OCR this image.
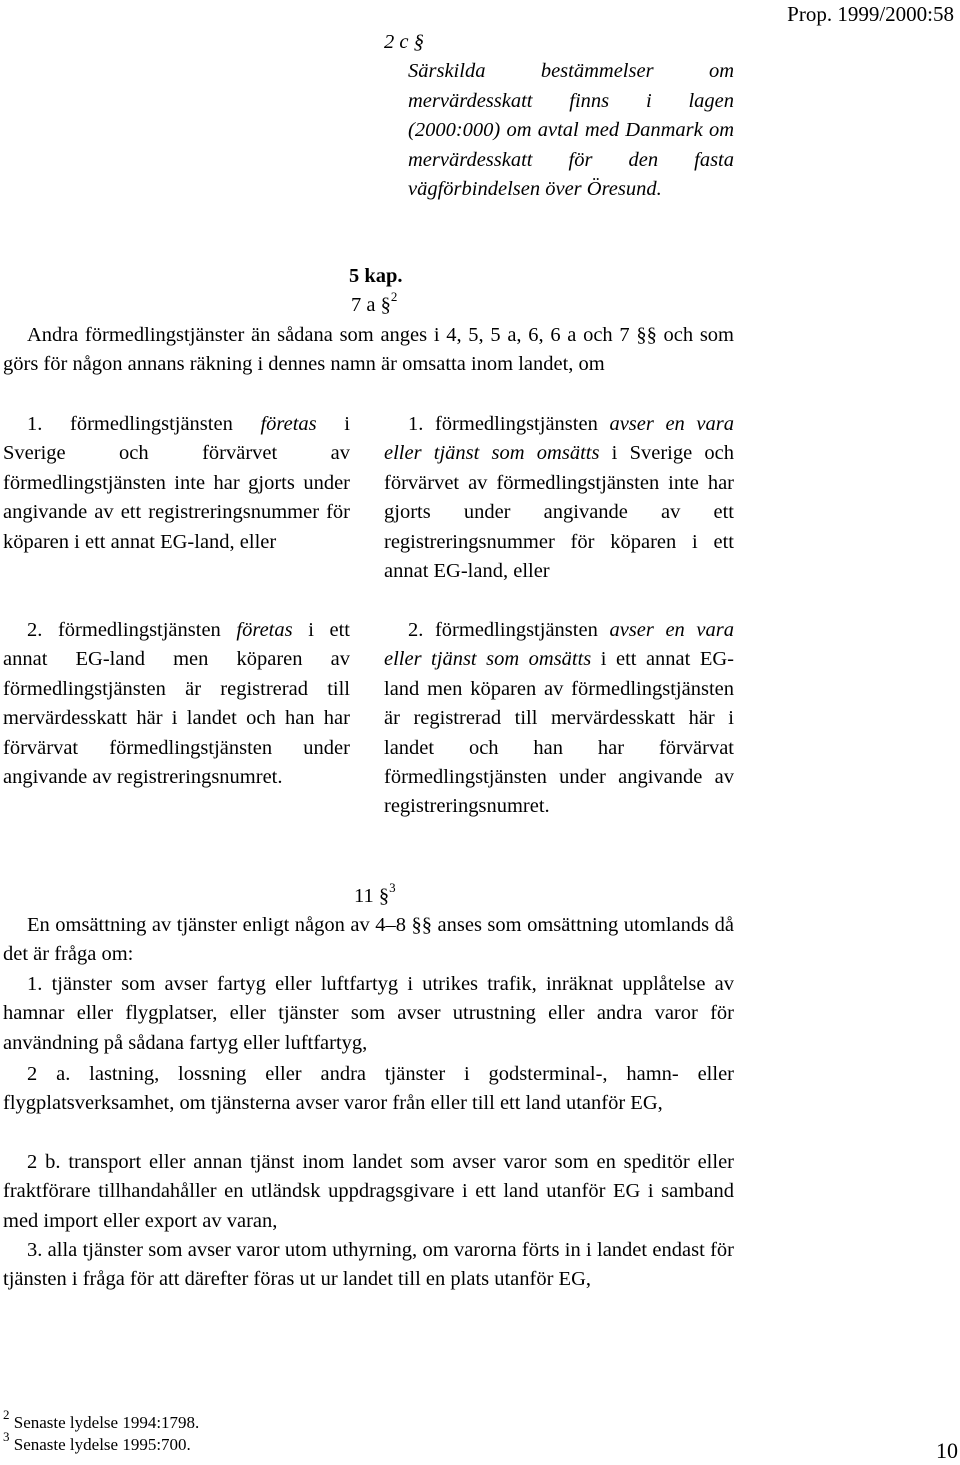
Prop. 1999/2000:58
2 c §
Särskilda bestämmelser om mervärdesskatt finns i lagen (2000:000) om avtal med Danmark om mervärdesskatt för den fasta vägförbindelsen över Öresund.
5 kap.
7 a §$^2$
Andra förmedlingstjänster än sådana som anges i 4, 5, 5 a, 6, 6 a och 7 §§ och som görs för någon annans räkning i dennes namn är omsatta inom landet, om
1. förmedlingstjänsten företas i Sverige och förvärvet av förmedlingstjänsten inte har gjorts under angivande av ett registreringsnummer för köparen i ett annat EG-land, eller
2. förmedlingstjänsten företas i ett annat EG-land men köparen av förmedlingstjänsten är registrerad till mervärdesskatt här i landet och han har förvärvat förmedlingstjänsten under angivande av registreringsnumret.
1. förmedlingstjänsten avser en vara eller tjänst som omsätts i Sverige och förvärvet av förmedlingstjänsten inte har gjorts under angivande av ett registreringsnummer för köparen i ett annat EG-land, eller
2. förmedlingstjänsten avser en vara eller tjänst som omsätts i ett annat EG-land men köparen av förmedlingstjänsten är registrerad till mervärdesskatt här i landet och han har förvärvat förmedlingstjänsten under angivande av registreringsnumret.
11 §$^3$
En omsättning av tjänster enligt någon av 4–8 §§ anses som omsättning utomlands då det är fråga om:
1. tjänster som avser fartyg eller luftfartyg i utrikes trafik, inräknat upplåtelse av hamnar eller flygplatser, eller tjänster som avser utrustning eller andra varor för användning på sådana fartyg eller luftfartyg,
2 a. lastning, lossning eller andra tjänster i godsterminal-, hamn- eller flygplatsverksamhet, om tjänsterna avser varor från eller till ett land utanför EG,
2 b. transport eller annan tjänst inom landet som avser varor som en speditör eller fraktförare tillhandahåller en utländsk uppdragsgivare i ett land utanför EG i samband med import eller export av varan,
3. alla tjänster som avser varor utom uthyrning, om varorna förts in i landet endast för tjänsten i fråga för att därefter föras ut ur landet till en plats utanför EG,
$^2$ Senaste lydelse 1994:1798.
$^3$ Senaste lydelse 1995:700.	10
